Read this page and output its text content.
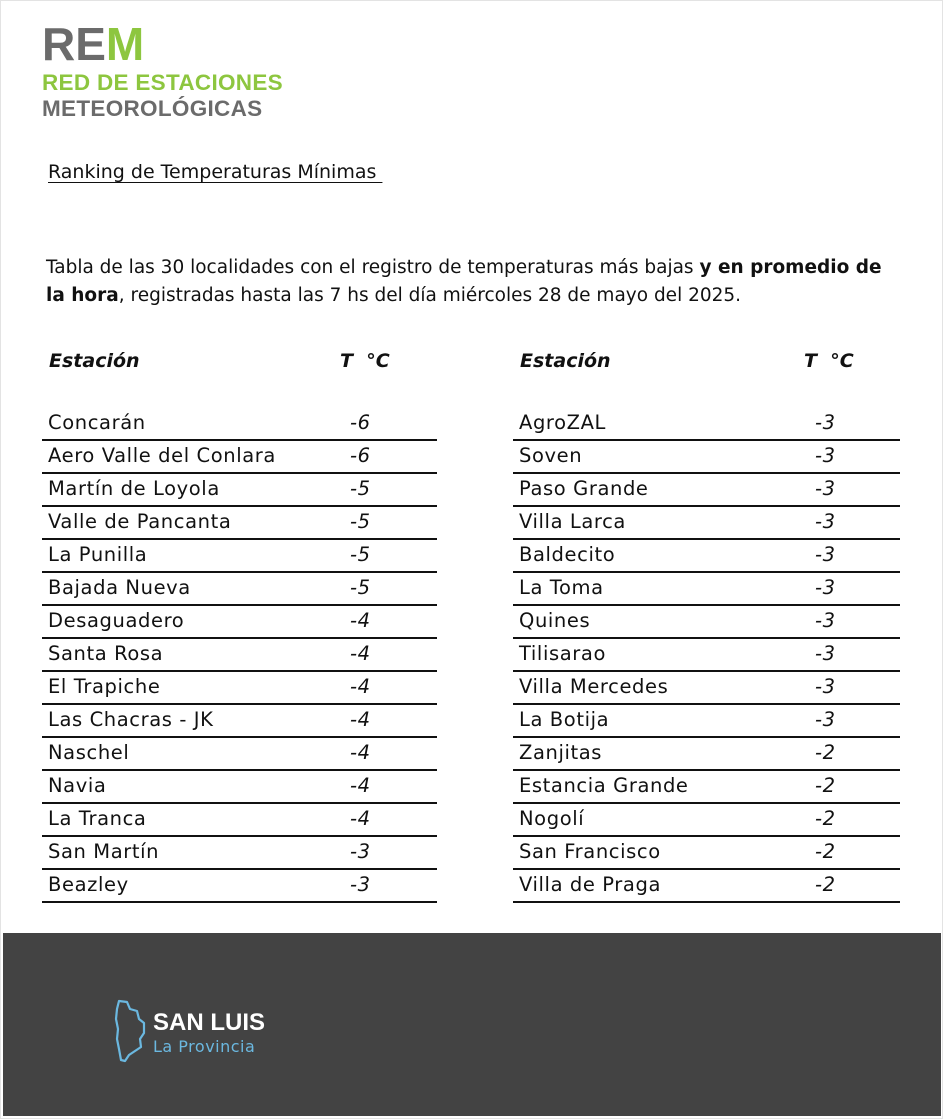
REM
RED DE ESTACIONES
METEOROLÓGICAS
Ranking de Temperaturas Mínimas
Tabla de las 30 localidades con el registro de temperaturas más bajas y en promedio de la hora, registradas hasta las 7 hs del día miércoles 28 de mayo del 2025.
Estación	T  °C	Estación	T  °C
Concarán	-6
Aero Valle del Conlara	-6
Martín de Loyola	-5
Valle de Pancanta	-5
La Punilla	-5
Bajada Nueva	-5
Desaguadero	-4
Santa Rosa	-4
El Trapiche	-4
Las Chacras - JK	-4
Naschel	-4
Navia	-4
La Tranca	-4
San Martín	-3
Beazley	-3
AgroZAL	-3
Soven	-3
Paso Grande	-3
Villa Larca	-3
Baldecito	-3
La Toma	-3
Quines	-3
Tilisarao	-3
Villa Mercedes	-3
La Botija	-3
Zanjitas	-2
Estancia Grande	-2
Nogolí	-2
San Francisco	-2
Villa de Praga	-2
SAN LUIS
La Provincia
